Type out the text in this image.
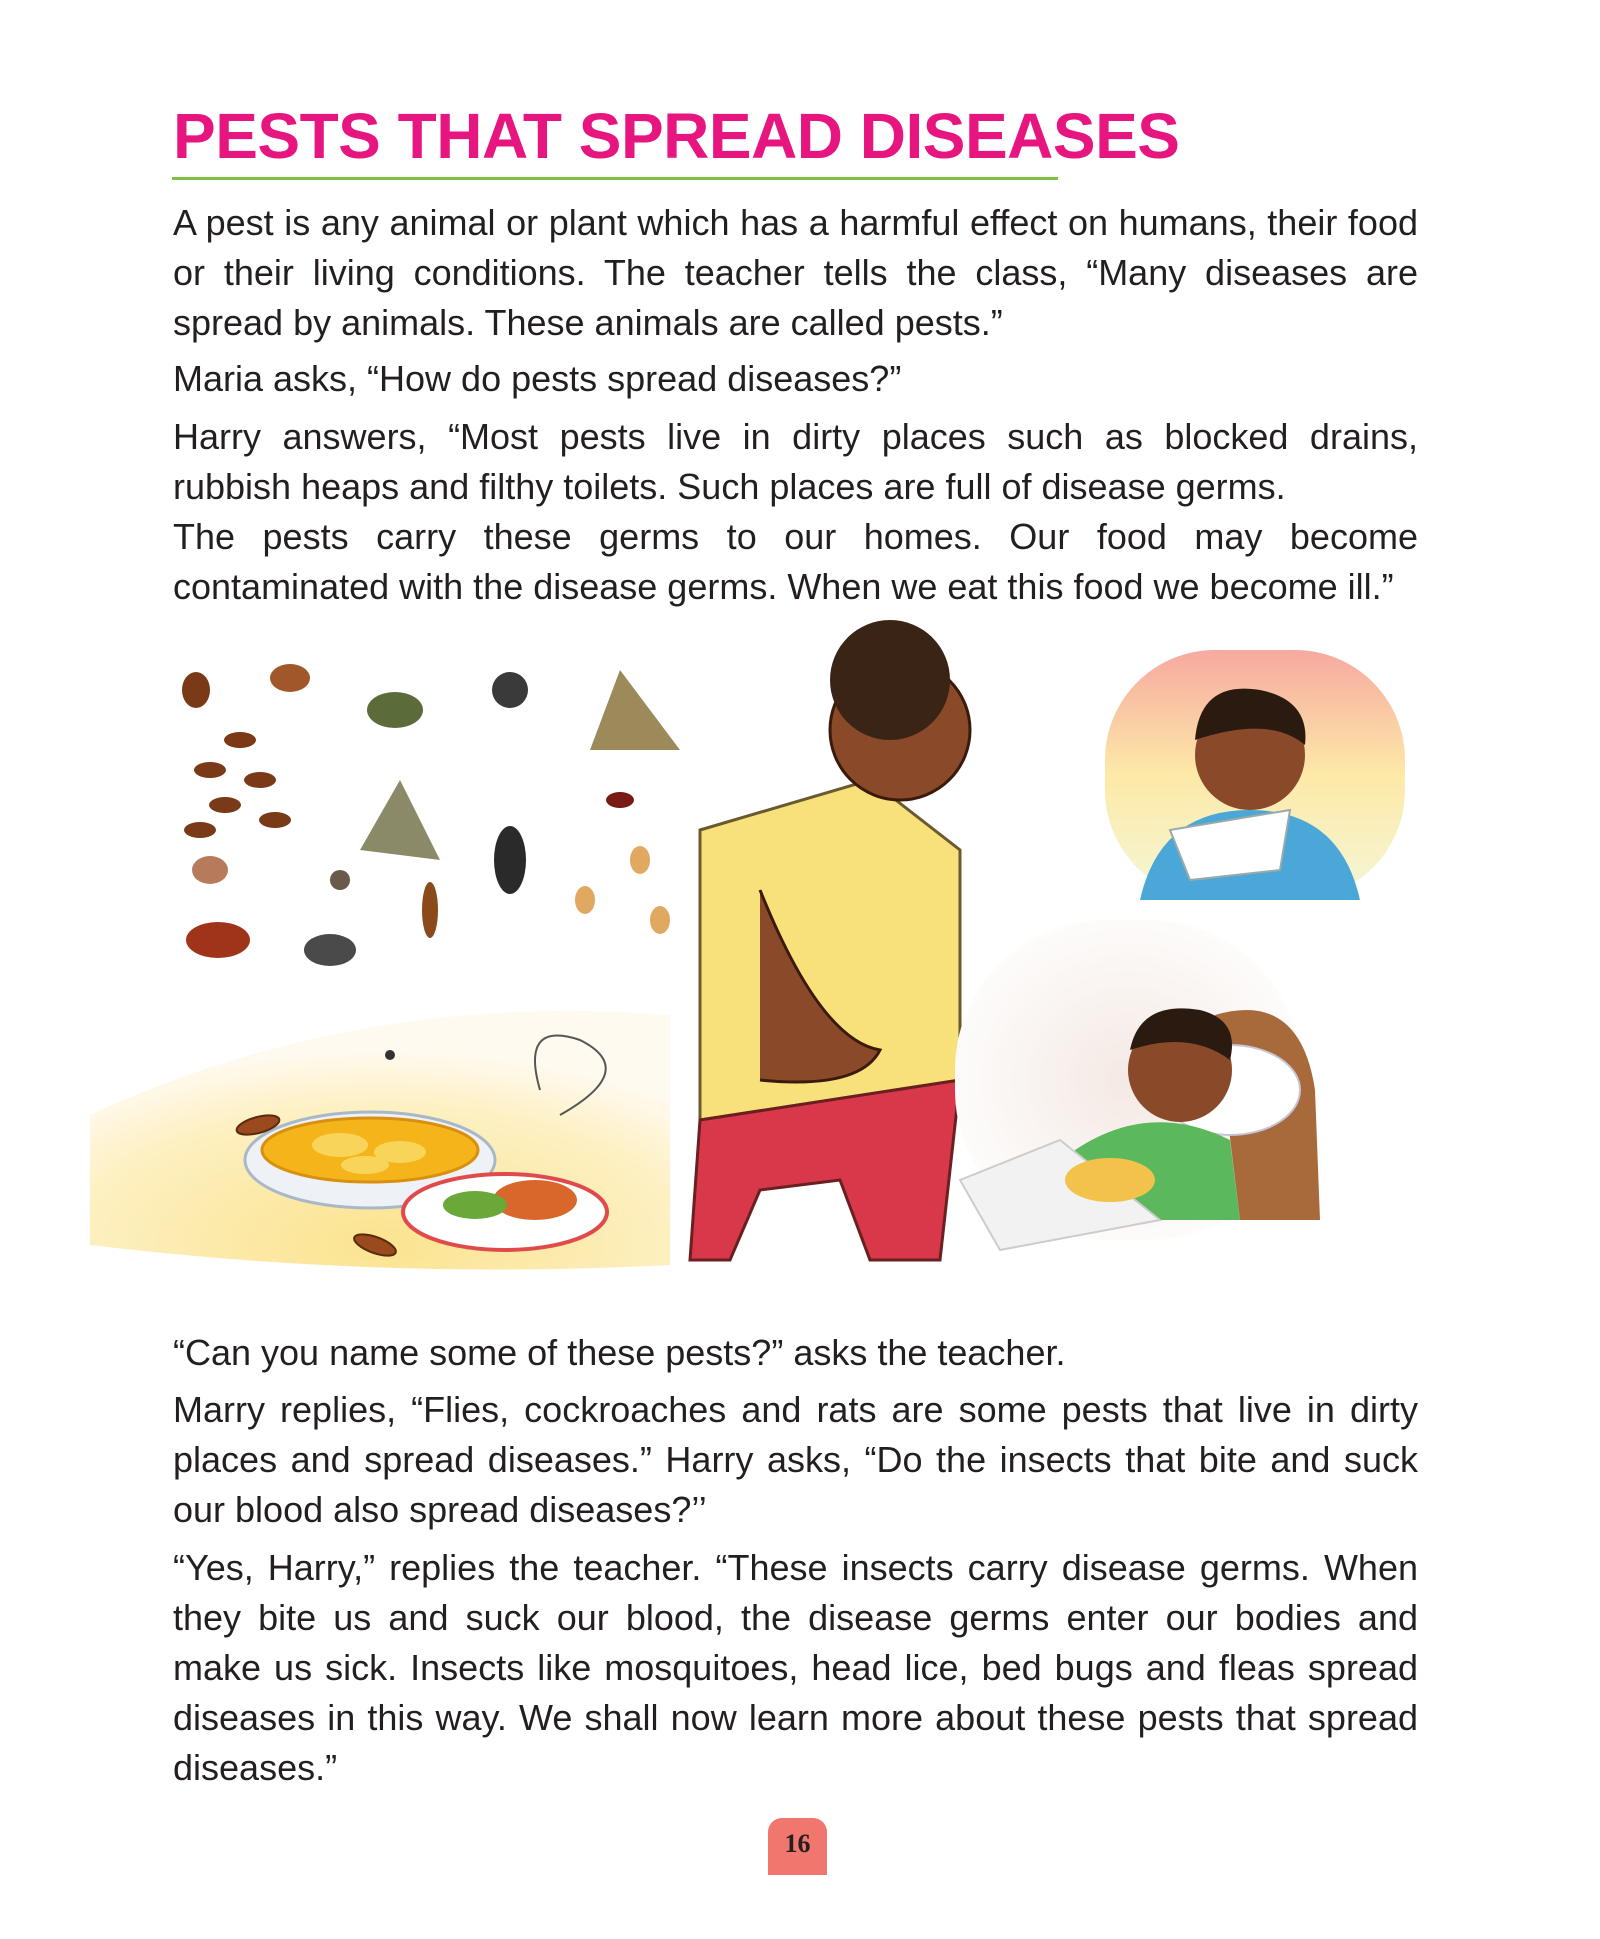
PESTS THAT SPREAD DISEASES

A pest is any animal or plant which has a harmful effect on humans, their food or their living conditions. The teacher tells the class, “Many diseases are spread by animals. These animals are called pests.”

Maria asks, “How do pests spread diseases?”

Harry answers, “Most pests live in dirty places such as blocked drains, rubbish heaps and filthy toilets. Such places are full of disease germs.

The pests carry these germs to our homes. Our food may become contaminated with the disease germs. When we eat this food we become ill.”

“Can you name some of these pests?” asks the teacher.

Marry replies, “Flies, cockroaches and rats are some pests that live in dirty places and spread diseases.” Harry asks, “Do the insects that bite and suck our blood also spread diseases?’’

“Yes, Harry,” replies the teacher. “These insects carry disease germs. When they bite us and suck our blood, the disease germs enter our bodies and make us sick. Insects like mosquitoes, head lice, bed bugs and fleas spread diseases in this way. We shall now learn more about these pests that spread diseases.”

16
